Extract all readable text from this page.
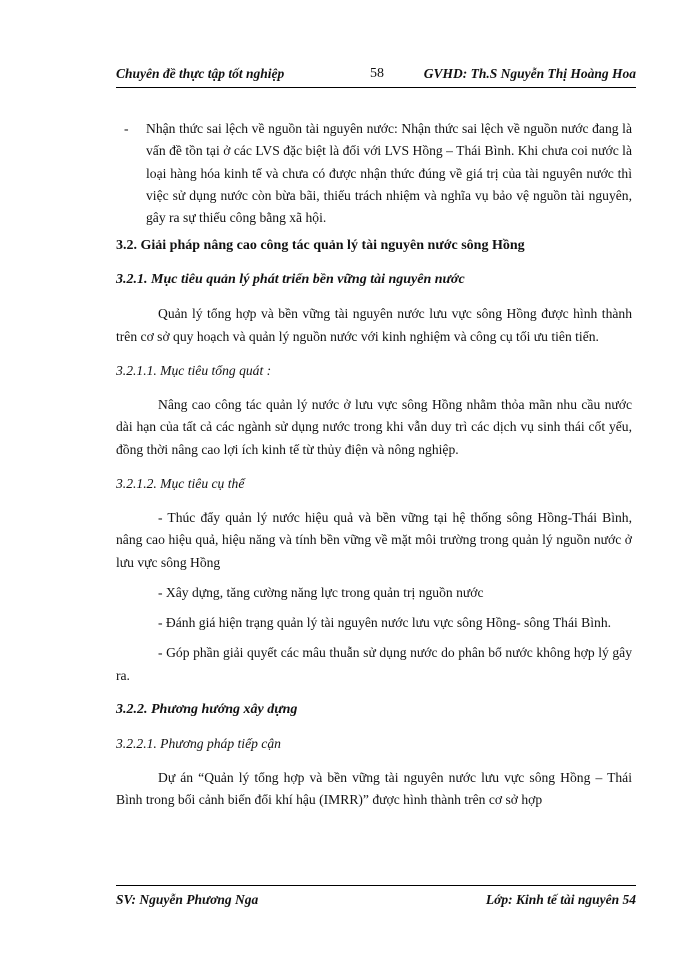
Chuyên đề thực tập tốt nghiệp	58	GVHD: Th.S Nguyễn Thị Hoàng Hoa
- Nhận thức sai lệch về nguồn tài nguyên nước: Nhận thức sai lệch về nguồn nước đang là vấn đề tồn tại ở các LVS đặc biệt là đối với LVS Hồng – Thái Bình. Khi chưa coi nước là loại hàng hóa kinh tế và chưa có được nhận thức đúng về giá trị của tài nguyên nước thì việc sử dụng nước còn bừa bãi, thiếu trách nhiệm và nghĩa vụ bảo vệ nguồn tài nguyên, gây ra sự thiếu công bằng xã hội.

3.2. Giải pháp nâng cao công tác quản lý tài nguyên nước sông Hồng

3.2.1. Mục tiêu quản lý phát triển bền vững tài nguyên nước

Quản lý tổng hợp và bền vững tài nguyên nước lưu vực sông Hồng được hình thành trên cơ sở quy hoạch và quản lý nguồn nước với kinh nghiệm và công cụ tối ưu tiên tiến.

3.2.1.1. Mục tiêu tổng quát :

Nâng cao công tác quản lý nước ở lưu vực sông Hồng nhằm thỏa mãn nhu cầu nước dài hạn của tất cả các ngành sử dụng nước trong khi vẫn duy trì các dịch vụ sinh thái cốt yếu, đồng thời nâng cao lợi ích kinh tế từ thủy điện và nông nghiệp.

3.2.1.2. Mục tiêu cụ thể

- Thúc đẩy quản lý nước hiệu quả và bền vững tại hệ thống sông Hồng-Thái Bình, nâng cao hiệu quả, hiệu năng và tính bền vững về mặt môi trường trong quản lý nguồn nước ở lưu vực sông Hồng

- Xây dựng, tăng cường năng lực trong quản trị nguồn nước

- Đánh giá hiện trạng quản lý tài nguyên nước lưu vực sông Hồng- sông Thái Bình.

- Góp phần giải quyết các mâu thuẫn sử dụng nước do phân bổ nước không hợp lý gây ra.

3.2.2. Phương hướng xây dựng

3.2.2.1. Phương pháp tiếp cận

Dự án “Quản lý tổng hợp và bền vững tài nguyên nước lưu vực sông Hồng – Thái Bình trong bối cảnh biến đổi khí hậu (IMRR)” được hình thành trên cơ sở hợp

SV: Nguyễn Phương Nga	Lớp: Kinh tế tài nguyên 54
